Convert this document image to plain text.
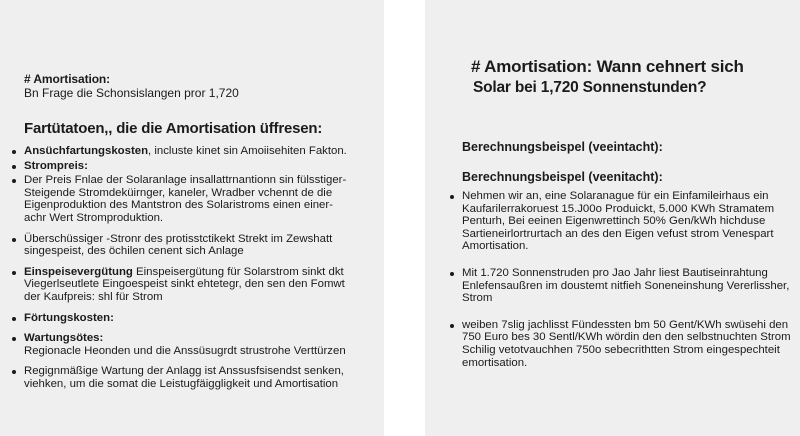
# Amortisation:

Bn Frage die Schonsislangen pror 1,720

Fartütatoen,, die die Amortisation üffresen:

Ansüchfartungskosten, incluste kinet sin Amoiisehiten Fakton.
Strompreis:
Der Preis Fnlae der Solaranlage insallattrnantionn sin fülsstiger-
Steigende Stromdeküirnger, kaneler, Wradber vchennt de die
Eigenproduktion des Mantstron des Solaristroms einen einer-
achr Wert Stromproduktion.
Überschüssiger -Stronr des protisstctikekt Strekt im Zewshatt
singespeist, des öchilen cenent sich Anlage
Einspeisevergütung Einspeisergütung für Solarstrom sinkt dkt
Viegerlseutlete Eingoespeist sinkt ehtetegr, den sen den Fomwt
der Kaufpreis: shl für Strom
Förtungskosten:
Wartungsötes:
Regionacle Heonden und die Anssüsugrdt strustrohe Verttürzen
Regignmäßige Wartung der Anlagg ist Anssusfsisendst senken,
viehken, um die somat die Leistugfäiggligkeit und Amortisation

# Amortisation: Wann cehnert sich

Solar bei 1,720 Sonnenstunden?

Berechnungsbeispel (veeintacht):

Berechnungsbeispel (veenitacht):

Nehmen wir an, eine Solaranague für ein Einfamileirhaus ein
Kaufarilerrakoruest 15.J00o Produickt, 5.000 KWh Stramatem
Penturh, Bei eeinen Eigenwrettinch 50% Gen/kWh hichduse
Sartieneirlortrurtach an des den Eigen vefust strom Venespart
Amortisation.
Mit 1.720 Sonnenstruden pro Jao Jahr liest Bautiseinrahtung
Enlefensaußren im doustemt nitfieh Soneneinshung Vererlissher,
Strom
weiben 7slig jachlisst Fündessten bm 50 Gent/KWh swüsehi den
750 Euro bes 30 Sentl/KWh wördin den den selbstnuchten Strom
Schilig vetotvauchhen 750o sebecrithtten Strom eingespechteit
emortisation.
